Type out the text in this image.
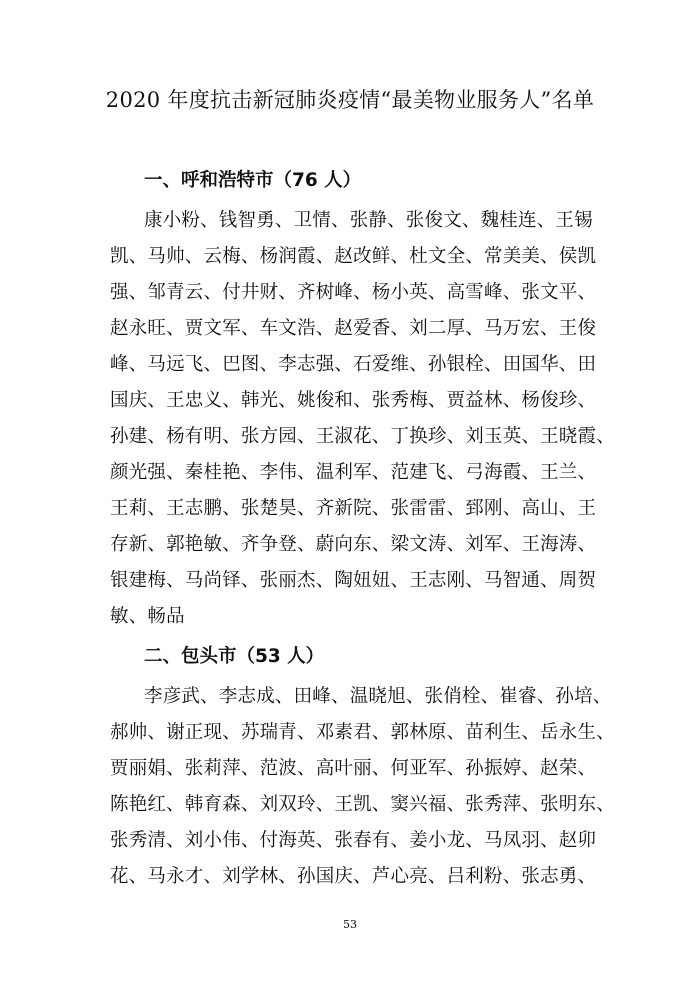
2020 年度抗击新冠肺炎疫情“最美物业服务人”名单
一、呼和浩特市（76 人）
康小粉、钱智勇、卫情、张静、张俊文、魏桂连、王锡
凯、马帅、云梅、杨润霞、赵改鲜、杜文全、常美美、侯凯
强、邹青云、付井财、齐树峰、杨小英、高雪峰、张文平、
赵永旺、贾文军、车文浩、赵爱香、刘二厚、马万宏、王俊
峰、马远飞、巴图、李志强、石爱维、孙银栓、田国华、田
国庆、王忠义、韩光、姚俊和、张秀梅、贾益林、杨俊珍、
孙建、杨有明、张方园、王淑花、丁换珍、刘玉英、王晓霞、
颜光强、秦桂艳、李伟、温利军、范建飞、弓海霞、王兰、
王莉、王志鹏、张楚昊、齐新院、张雷雷、郅刚、高山、王
存新、郭艳敏、齐争登、蔚向东、梁文涛、刘军、王海涛、
银建梅、马尚铎、张丽杰、陶妞妞、王志刚、马智通、周贺
敏、畅品
二、包头市（53 人）
李彦武、李志成、田峰、温晓旭、张俏栓、崔睿、孙培、
郝帅、谢正现、苏瑞青、邓素君、郭林原、苗利生、岳永生、
贾丽娟、张莉萍、范波、高叶丽、何亚军、孙振婷、赵荣、
陈艳红、韩育森、刘双玲、王凯、窦兴福、张秀萍、张明东、
张秀清、刘小伟、付海英、张春有、姜小龙、马凤羽、赵卯
花、马永才、刘学林、孙国庆、芦心亮、吕利粉、张志勇、
53
